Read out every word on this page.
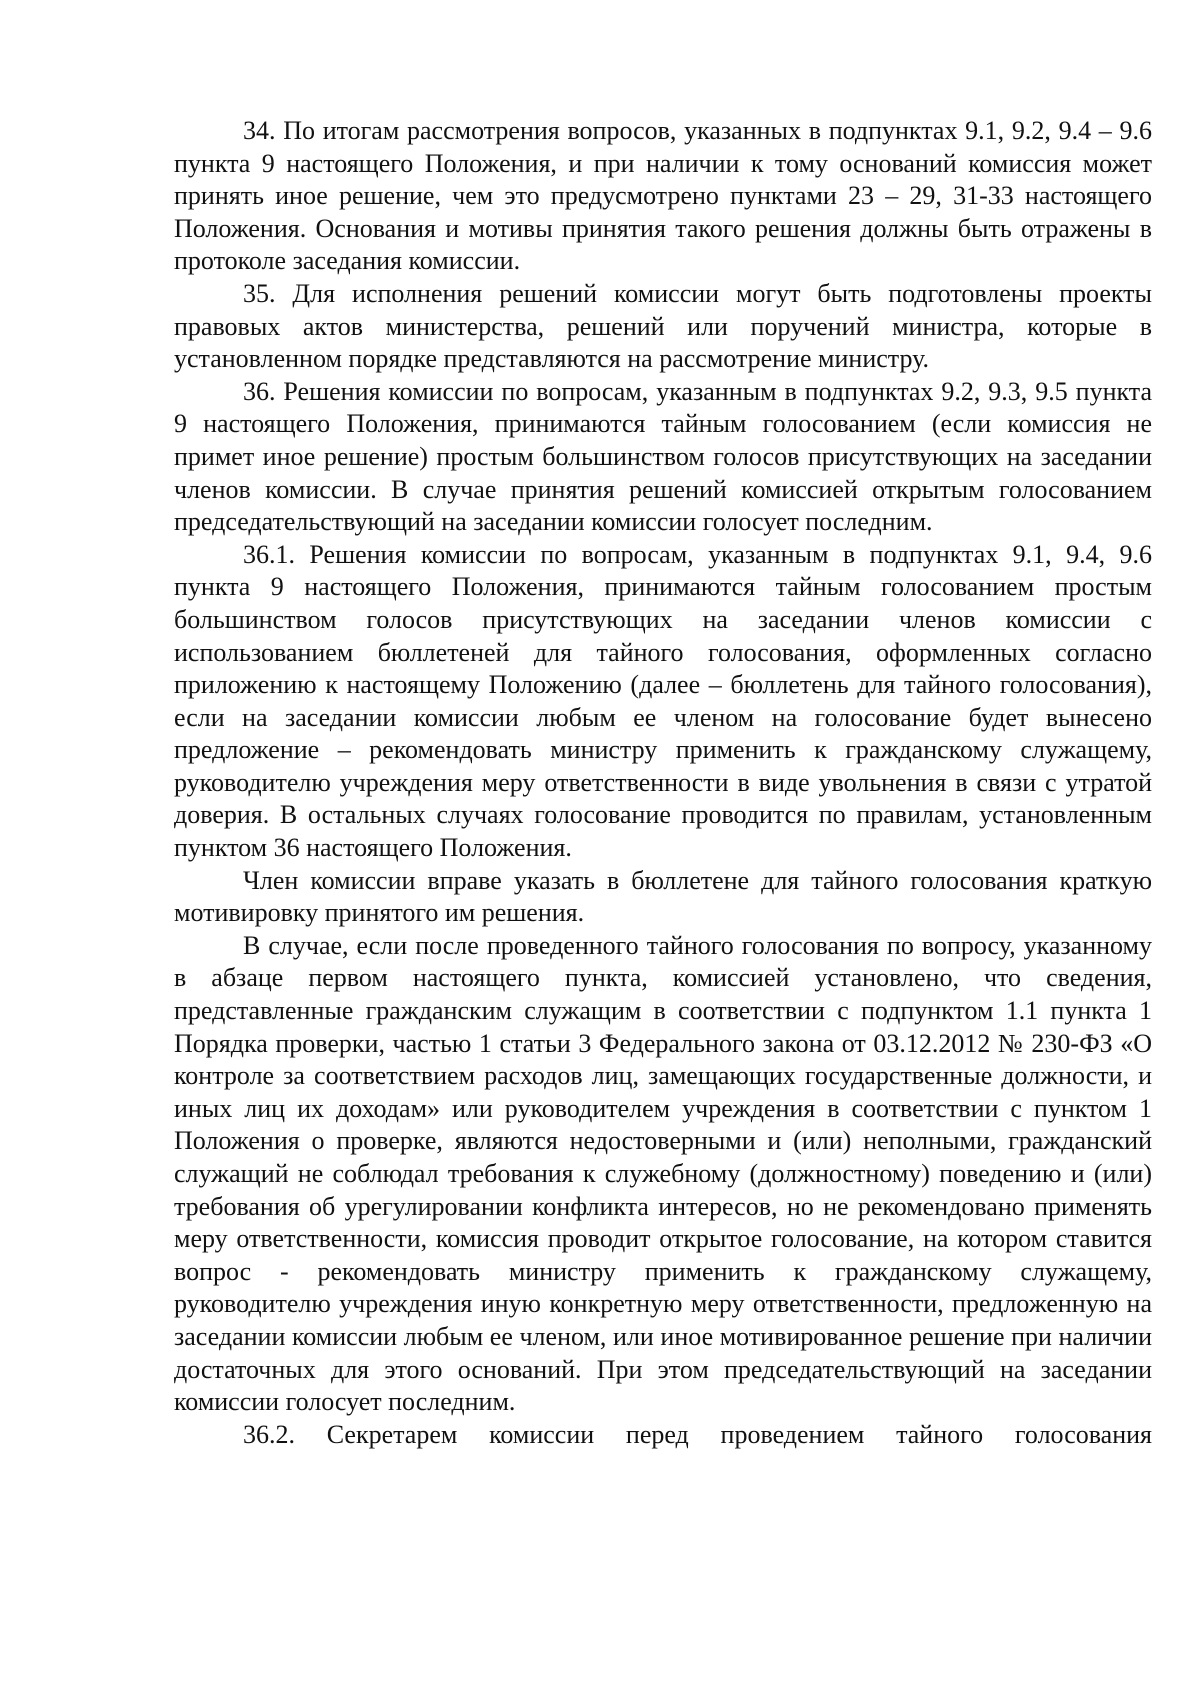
34. По итогам рассмотрения вопросов, указанных в подпунктах 9.1, 9.2, 9.4 – 9.6 пункта 9 настоящего Положения, и при наличии к тому оснований комиссия может принять иное решение, чем это предусмотрено пунктами 23 – 29, 31-33 настоящего Положения. Основания и мотивы принятия такого решения должны быть отражены в протоколе заседания комиссии.

35. Для исполнения решений комиссии могут быть подготовлены проекты правовых актов министерства, решений или поручений министра, которые в установленном порядке представляются на рассмотрение министру.

36. Решения комиссии по вопросам, указанным в подпунктах 9.2, 9.3, 9.5 пункта 9 настоящего Положения, принимаются тайным голосованием (если комиссия не примет иное решение) простым большинством голосов присутствующих на заседании членов комиссии. В случае принятия решений комиссией открытым голосованием председательствующий на заседании комиссии голосует последним.

36.1. Решения комиссии по вопросам, указанным в подпунктах 9.1, 9.4, 9.6 пункта 9 настоящего Положения, принимаются тайным голосованием простым большинством голосов присутствующих на заседании членов комиссии с использованием бюллетеней для тайного голосования, оформленных согласно приложению к настоящему Положению (далее – бюллетень для тайного голосования), если на заседании комиссии любым ее членом на голосование будет вынесено предложение – рекомендовать министру применить к гражданскому служащему, руководителю учреждения меру ответственности в виде увольнения в связи с утратой доверия. В остальных случаях голосование проводится по правилам, установленным пунктом 36 настоящего Положения.

Член комиссии вправе указать в бюллетене для тайного голосования краткую мотивировку принятого им решения.

В случае, если после проведенного тайного голосования по вопросу, указанному в абзаце первом настоящего пункта, комиссией установлено, что сведения, представленные гражданским служащим в соответствии с подпунктом 1.1 пункта 1 Порядка проверки, частью 1 статьи 3 Федерального закона от 03.12.2012 № 230-ФЗ «О контроле за соответствием расходов лиц, замещающих государственные должности, и иных лиц их доходам» или руководителем учреждения в соответствии с пунктом 1 Положения о проверке, являются недостоверными и (или) неполными, гражданский служащий не соблюдал требования к служебному (должностному) поведению и (или) требования об урегулировании конфликта интересов, но не рекомендовано применять меру ответственности, комиссия проводит открытое голосование, на котором ставится вопрос - рекомендовать министру применить к гражданскому служащему, руководителю учреждения иную конкретную меру ответственности, предложенную на заседании комиссии любым ее членом, или иное мотивированное решение при наличии достаточных для этого оснований. При этом председательствующий на заседании комиссии голосует последним.

36.2. Секретарем комиссии перед проведением тайного голосования
